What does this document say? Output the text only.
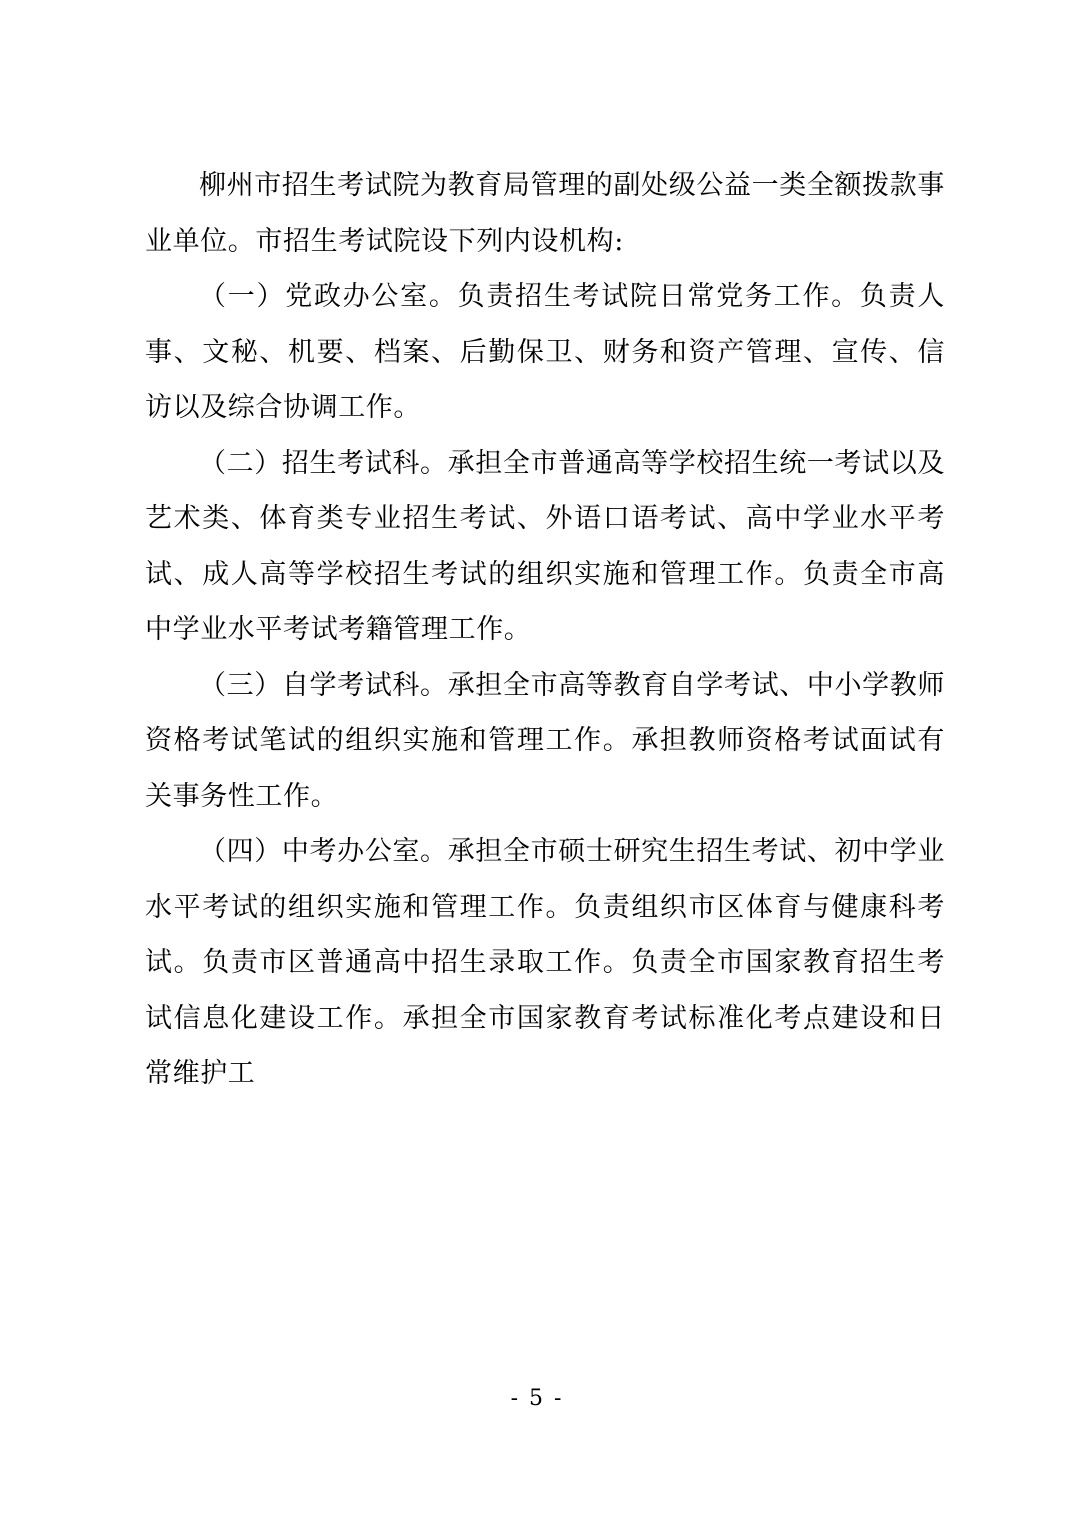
柳州市招生考试院为教育局管理的副处级公益一类全额拨款事业单位。市招生考试院设下列内设机构:

（一）党政办公室。负责招生考试院日常党务工作。负责人事、文秘、机要、档案、后勤保卫、财务和资产管理、宣传、信访以及综合协调工作。

（二）招生考试科。承担全市普通高等学校招生统一考试以及艺术类、体育类专业招生考试、外语口语考试、高中学业水平考试、成人高等学校招生考试的组织实施和管理工作。负责全市高中学业水平考试考籍管理工作。

（三）自学考试科。承担全市高等教育自学考试、中小学教师资格考试笔试的组织实施和管理工作。承担教师资格考试面试有关事务性工作。

（四）中考办公室。承担全市硕士研究生招生考试、初中学业水平考试的组织实施和管理工作。负责组织市区体育与健康科考试。负责市区普通高中招生录取工作。负责全市国家教育招生考试信息化建设工作。承担全市国家教育考试标准化考点建设和日常维护工

- 5 -
